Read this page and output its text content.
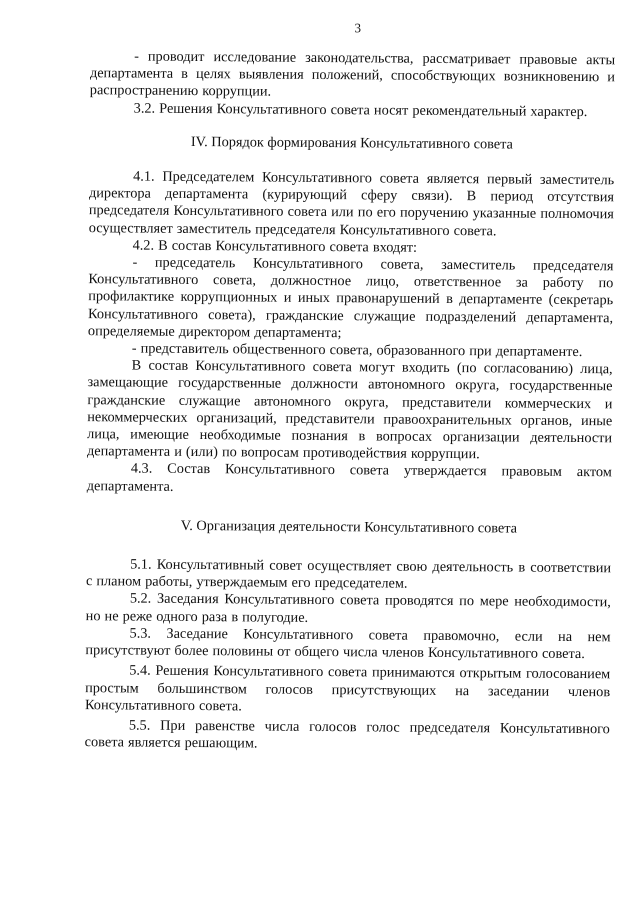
3

- проводит исследование законодательства, рассматривает правовые акты департамента в целях выявления положений, способствующих возникновению и распространению коррупции.

3.2. Решения Консультативного совета носят рекомендательный характер.

IV. Порядок формирования Консультативного совета

4.1. Председателем Консультативного совета является первый заместитель директора департамента (курирующий сферу связи). В период отсутствия председателя Консультативного совета или по его поручению указанные полномочия осуществляет заместитель председателя Консультативного совета.

4.2. В состав Консультативного совета входят:

- председатель Консультативного совета, заместитель председателя Консультативного совета, должностное лицо, ответственное за работу по профилактике коррупционных и иных правонарушений в департаменте (секретарь Консультативного совета), гражданские служащие подразделений департамента, определяемые директором департамента;

- представитель общественного совета, образованного при департаменте.

В состав Консультативного совета могут входить (по согласованию) лица, замещающие государственные должности автономного округа, государственные гражданские служащие автономного округа, представители коммерческих и некоммерческих организаций, представители правоохранительных органов, иные лица, имеющие необходимые познания в вопросах организации деятельности департамента и (или) по вопросам противодействия коррупции.

4.3. Состав Консультативного совета утверждается правовым актом департамента.

V. Организация деятельности Консультативного совета

5.1. Консультативный совет осуществляет свою деятельность в соответствии с планом работы, утверждаемым его председателем.

5.2. Заседания Консультативного совета проводятся по мере необходимости, но не реже одного раза в полугодие.

5.3. Заседание Консультативного совета правомочно, если на нем присутствуют более половины от общего числа членов Консультативного совета.

5.4. Решения Консультативного совета принимаются открытым голосованием простым большинством голосов присутствующих на заседании членов Консультативного совета.

5.5. При равенстве числа голосов голос председателя Консультативного совета является решающим.
